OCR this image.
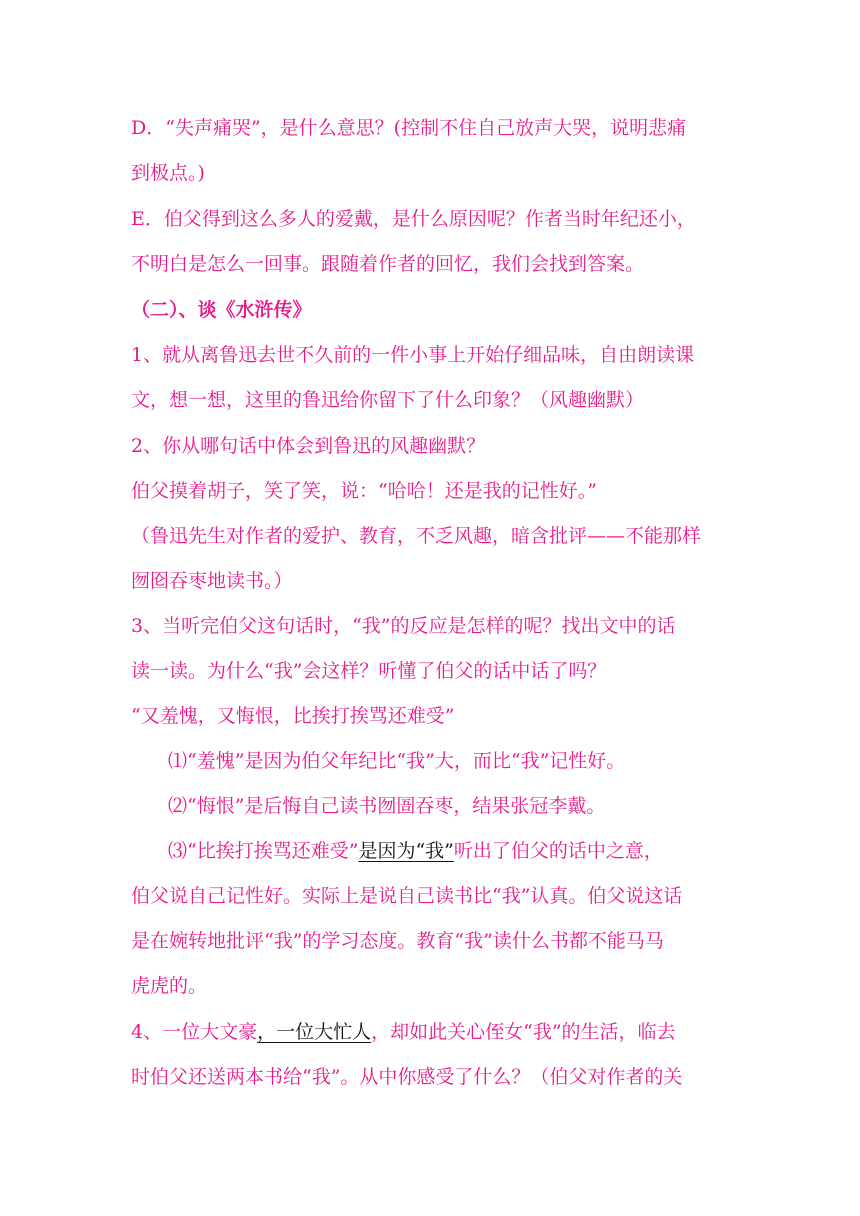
D．“失声痛哭”，是什么意思？(控制不住自己放声大哭，说明悲痛
到极点。)
E．伯父得到这么多人的爱戴，是什么原因呢？作者当时年纪还小，
不明白是怎么一回事。跟随着作者的回忆，我们会找到答案。
（二）、谈《水浒传》
1、就从离鲁迅去世不久前的一件小事上开始仔细品味，自由朗读课
文，想一想，这里的鲁迅给你留下了什么印象？（风趣幽默）
2、你从哪句话中体会到鲁迅的风趣幽默？
伯父摸着胡子，笑了笑，说：“哈哈！还是我的记性好。”
（鲁迅先生对作者的爱护、教育，不乏风趣，暗含批评——不能那样
囫囵吞枣地读书。）
3、当听完伯父这句话时，“我”的反应是怎样的呢？找出文中的话
读一读。为什么“我”会这样？听懂了伯父的话中话了吗？
“又羞愧，又悔恨，比挨打挨骂还难受”
⑴“羞愧”是因为伯父年纪比“我”大，而比“我”记性好。
⑵“悔恨”是后悔自己读书囫圄吞枣，结果张冠李戴。
⑶“比挨打挨骂还难受”是因为“我”听出了伯父的话中之意，
伯父说自己记性好。实际上是说自己读书比“我”认真。伯父说这话
是在婉转地批评“我”的学习态度。教育“我”读什么书都不能马马
虎虎的。
4、一位大文豪，一位大忙人，却如此关心侄女“我”的生活，临去
时伯父还送两本书给“我”。从中你感受了什么？（伯父对作者的关
